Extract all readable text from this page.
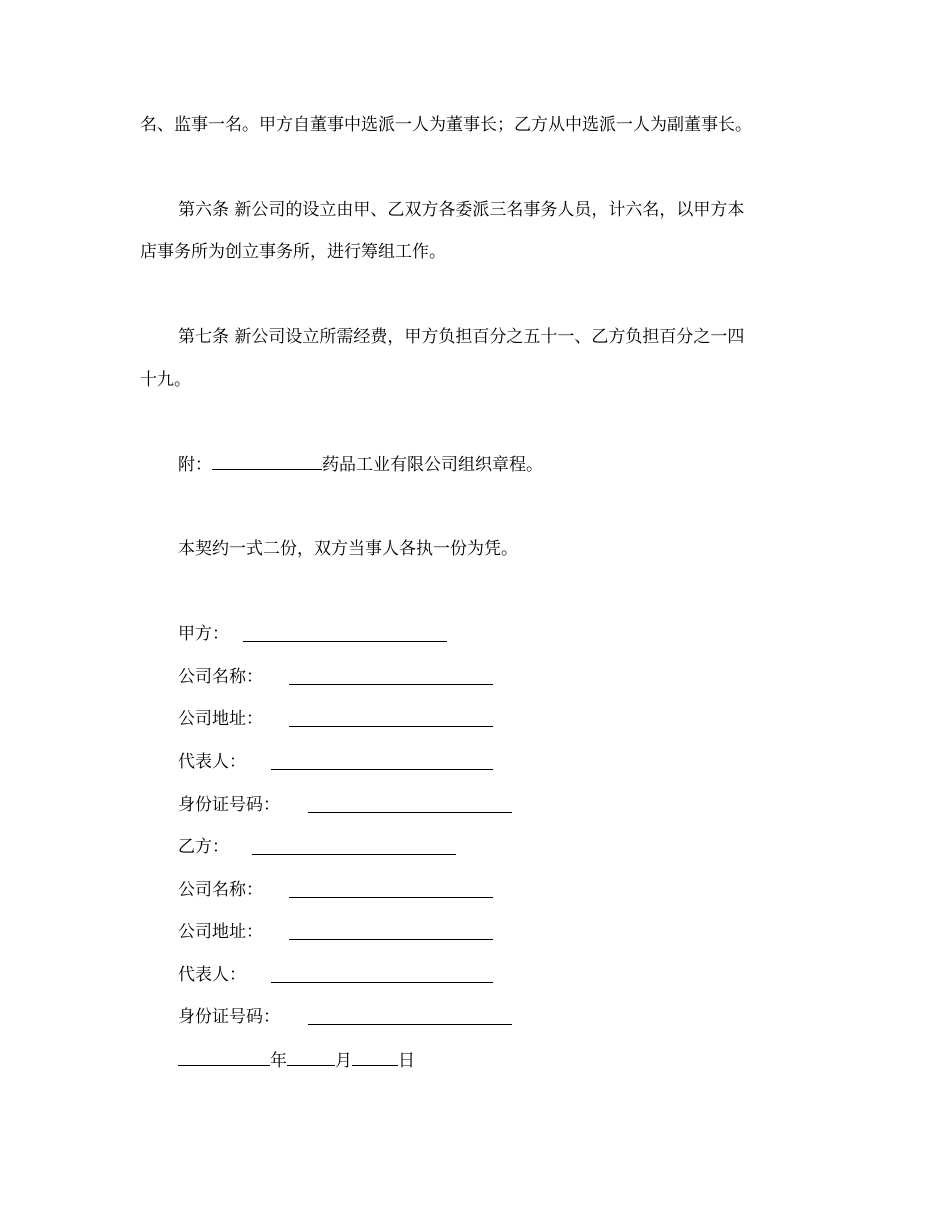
名、监事一名。甲方自董事中选派一人为董事长；乙方从中选派一人为副董事长。
第六条 新公司的设立由甲、乙双方各委派三名事务人员，计六名，以甲方本
店事务所为创立事务所，进行筹组工作。
第七条 新公司设立所需经费，甲方负担百分之五十一、乙方负担百分之一四
十九。
附：	药品工业有限公司组织章程。
本契约一式二份，双方当事人各执一份为凭。
甲方：
公司名称：
公司地址：
代表人：
身份证号码：
乙方：
公司名称：
公司地址：
代表人：
身份证号码：
年	月	日
